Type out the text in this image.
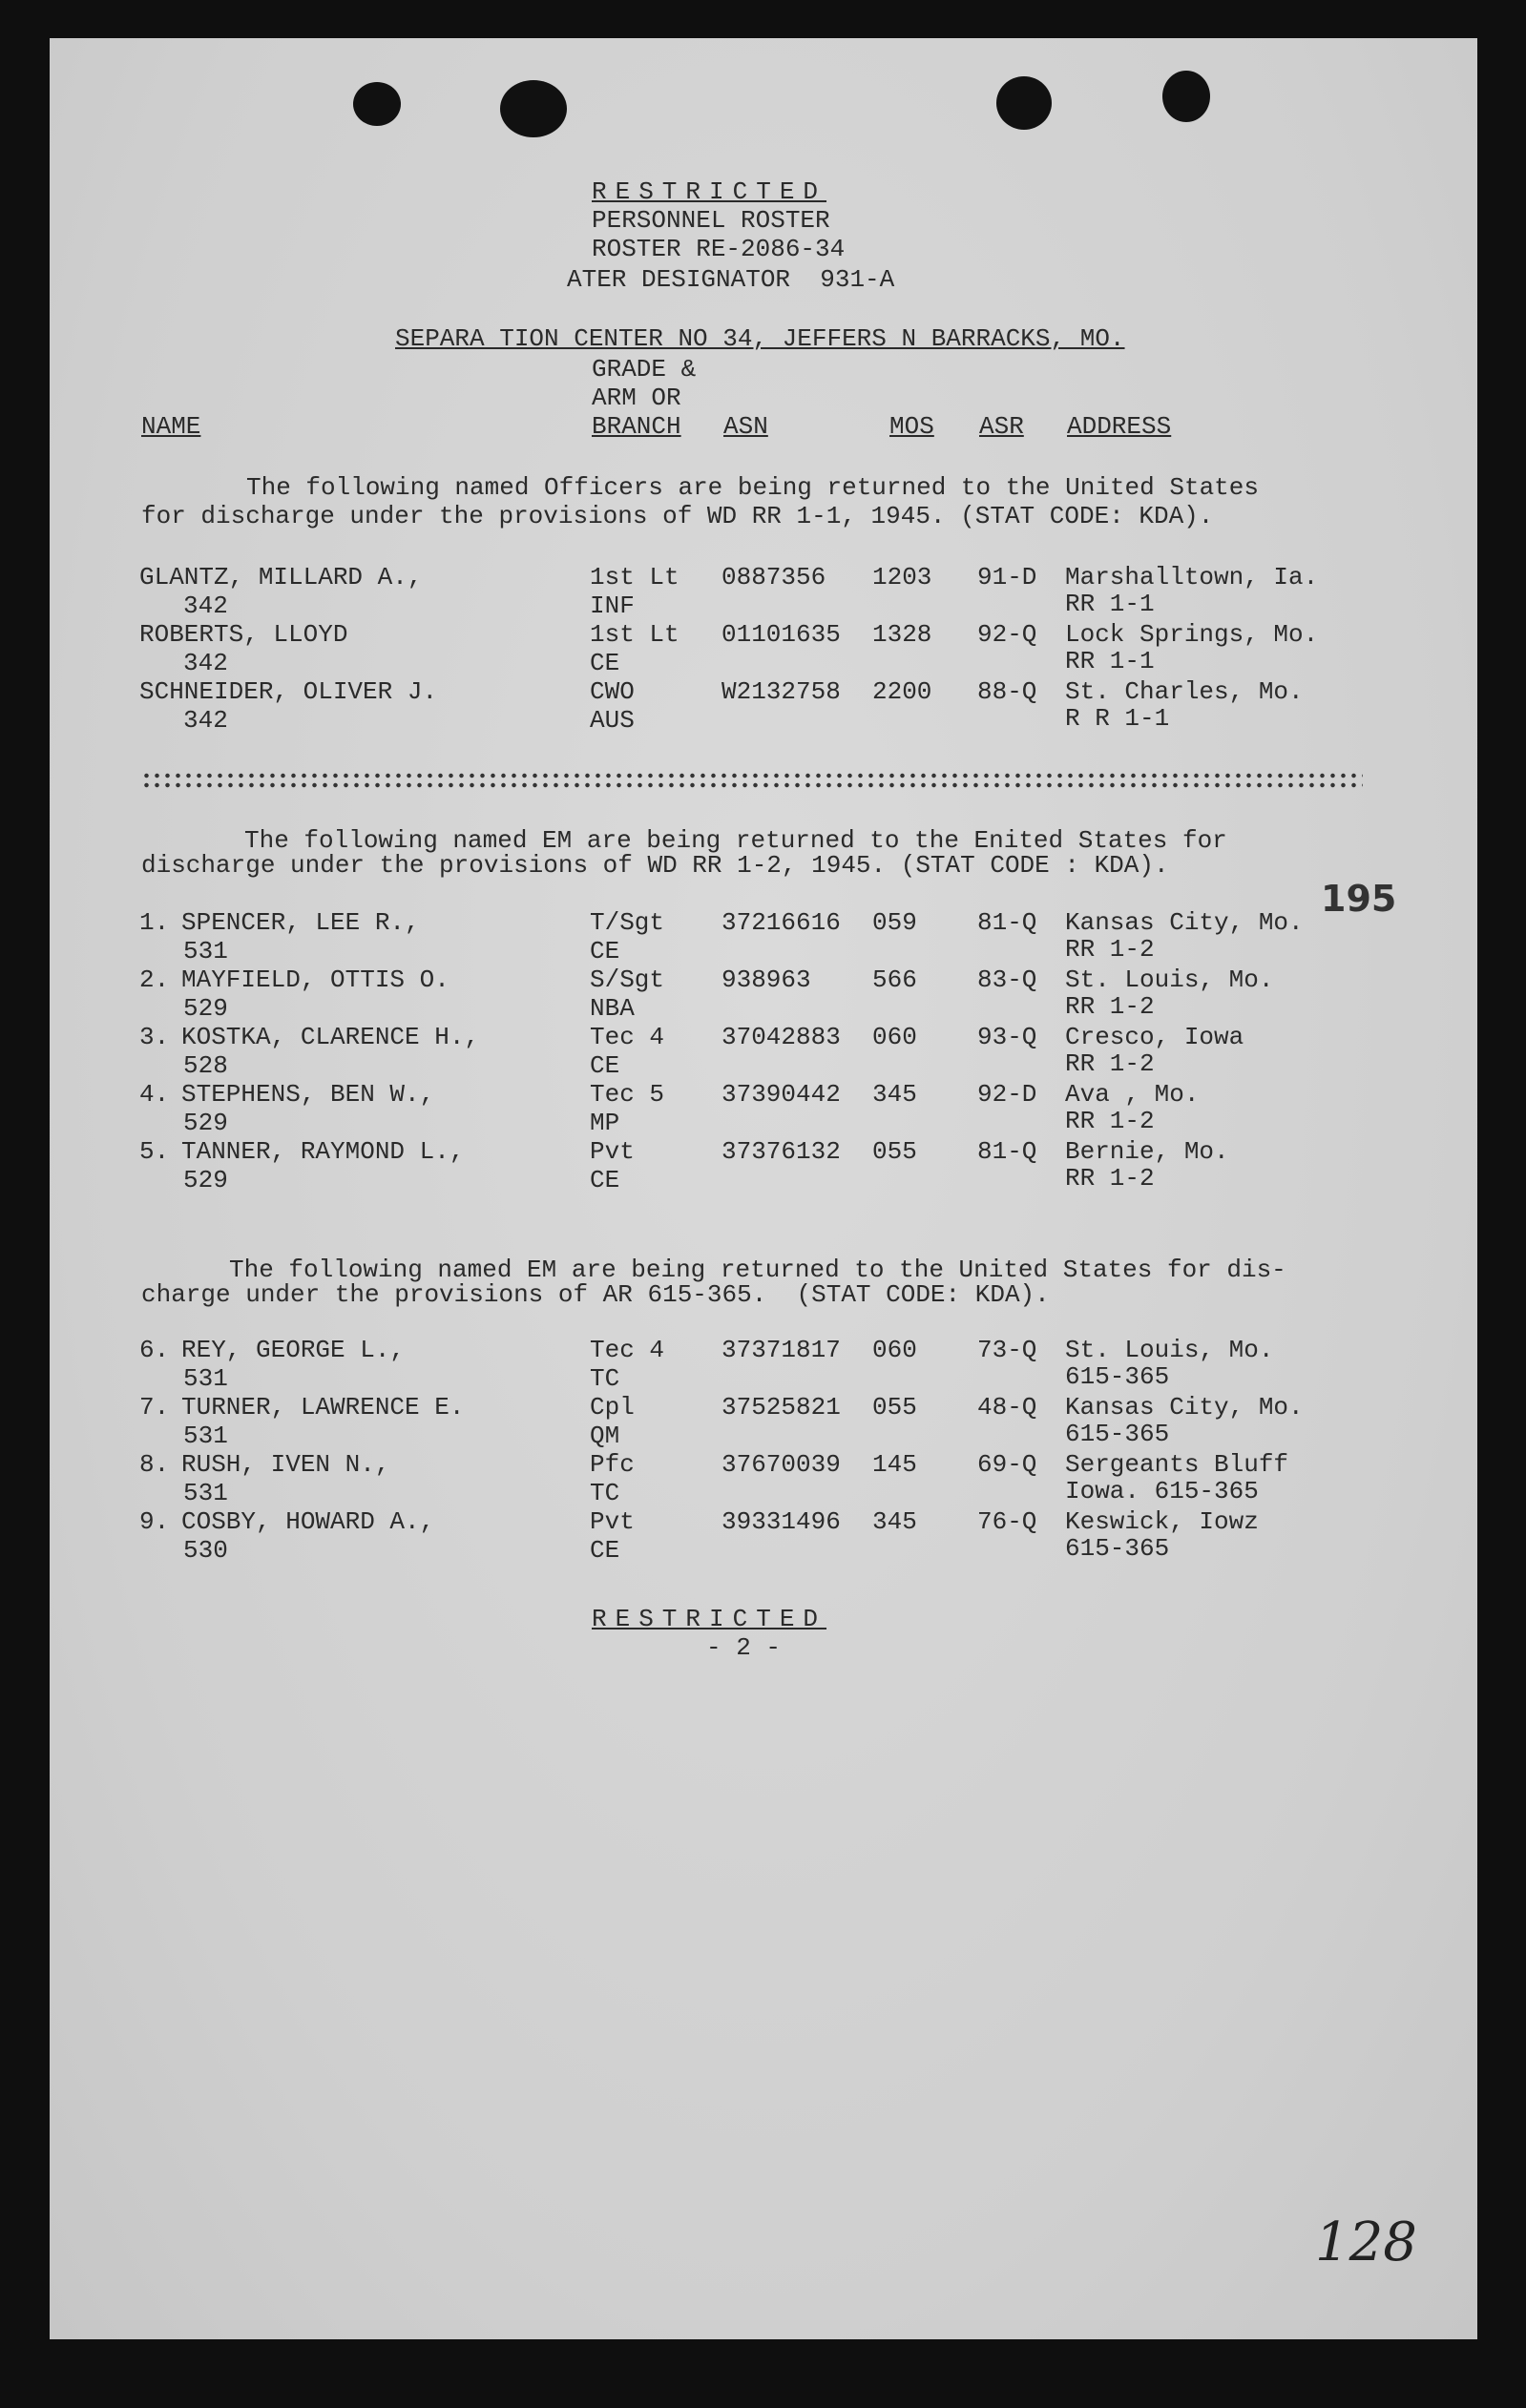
RESTRICTED
PERSONNEL ROSTER
ROSTER RE-2086-34
ATER DESIGNATOR  931-A
SEPARA TION CENTER NO 34, JEFFERS N BARRACKS, MO.
GRADE &
ARM OR
NAME	BRANCH ASN	MOS ASR ADDRESS
The following named Officers are being returned to the United States
for discharge under the provisions of WD RR 1-1, 1945. (STAT CODE: KDA).
GLANTZ, MILLARD A.,
342
1st Lt
INF
0887356 1203 91-D Marshalltown, Ia.
RR 1-1
ROBERTS, LLOYD
342
1st Lt
CE
01101635 1328 92-Q Lock Springs, Mo.
RR 1-1
SCHNEIDER, OLIVER J.
342
CWO
AUS
W2132758 2200 88-Q St. Charles, Mo.
R R 1-1
The following named EM are being returned to the Enited States for
discharge under the provisions of WD RR 1-2, 1945. (STAT CODE : KDA).
1. SPENCER, LEE R.,
531
T/Sgt
CE
37216616 059 81-Q Kansas City, Mo.
RR 1-2
2. MAYFIELD, OTTIS O.
529
S/Sgt
NBA
938963 566 83-Q St. Louis, Mo.
RR 1-2
3. KOSTKA, CLARENCE H.,
528
Tec 4
CE
37042883 060 93-Q Cresco, Iowa
RR 1-2
4. STEPHENS, BEN W.,
529
Tec 5
MP
37390442 345 92-D Ava , Mo.
RR 1-2
5. TANNER, RAYMOND L.,
529
Pvt
CE
37376132 055 81-Q Bernie, Mo.
RR 1-2
The following named EM are being returned to the United States for dis-
charge under the provisions of AR 615-365.  (STAT CODE: KDA).
6. REY, GEORGE L.,
531
Tec 4
TC
37371817 060 73-Q St. Louis, Mo.
615-365
7. TURNER, LAWRENCE E.
531
Cpl
QM
37525821 055 48-Q Kansas City, Mo.
615-365
8. RUSH, IVEN N.,
531
Pfc
TC
37670039 145 69-Q Sergeants Bluff
Iowa. 615-365
9. COSBY, HOWARD A.,
530
Pvt
CE
39331496 345 76-Q Keswick, Iowz
615-365
RESTRICTED
- 2 -
195
128
